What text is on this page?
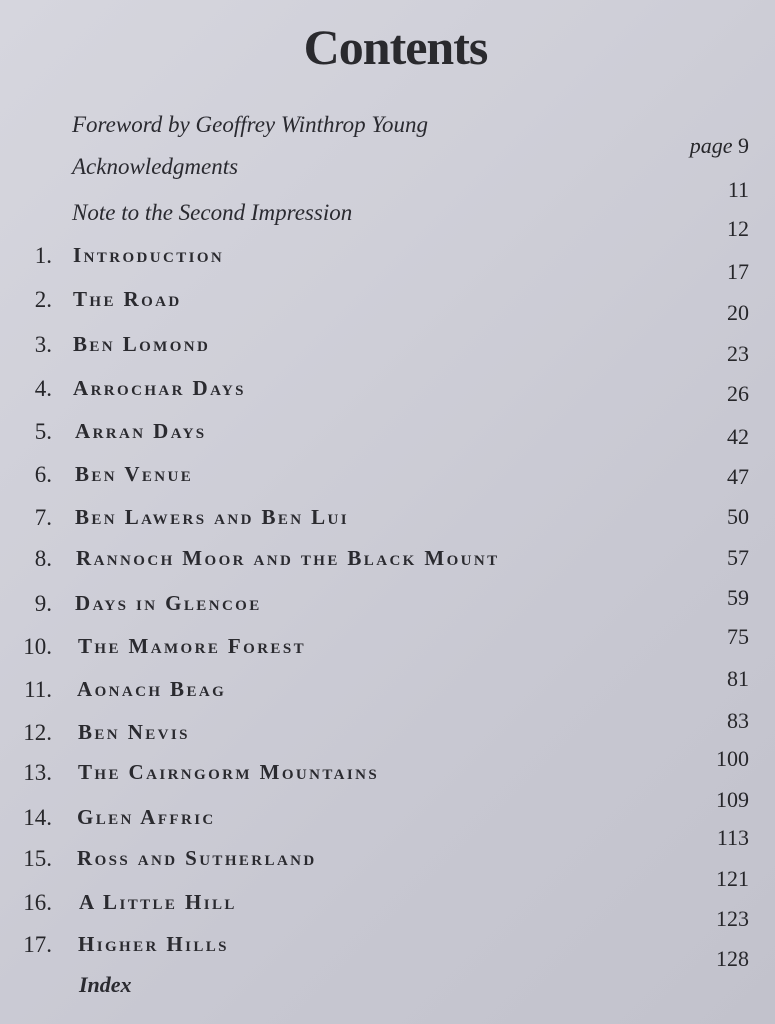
Contents
Foreword by Geoffrey Winthrop Young
Acknowledgments
Note to the Second Impression
1. Introduction
2. The Road
3. Ben Lomond
4. Arrochar Days
5. Arran Days
6. Ben Venue
7. Ben Lawers and Ben Lui
8. Rannoch Moor and the Black Mount
9. Days in Glencoe
10. The Mamore Forest
11. Aonach Beag
12. Ben Nevis
13. The Cairngorm Mountains
14. Glen Affric
15. Ross and Sutherland
16. A Little Hill
17. Higher Hills
page 9
11
12
17
20
23
26
42
47
50
57
59
75
81
83
100
109
113
121
123
128
Index
